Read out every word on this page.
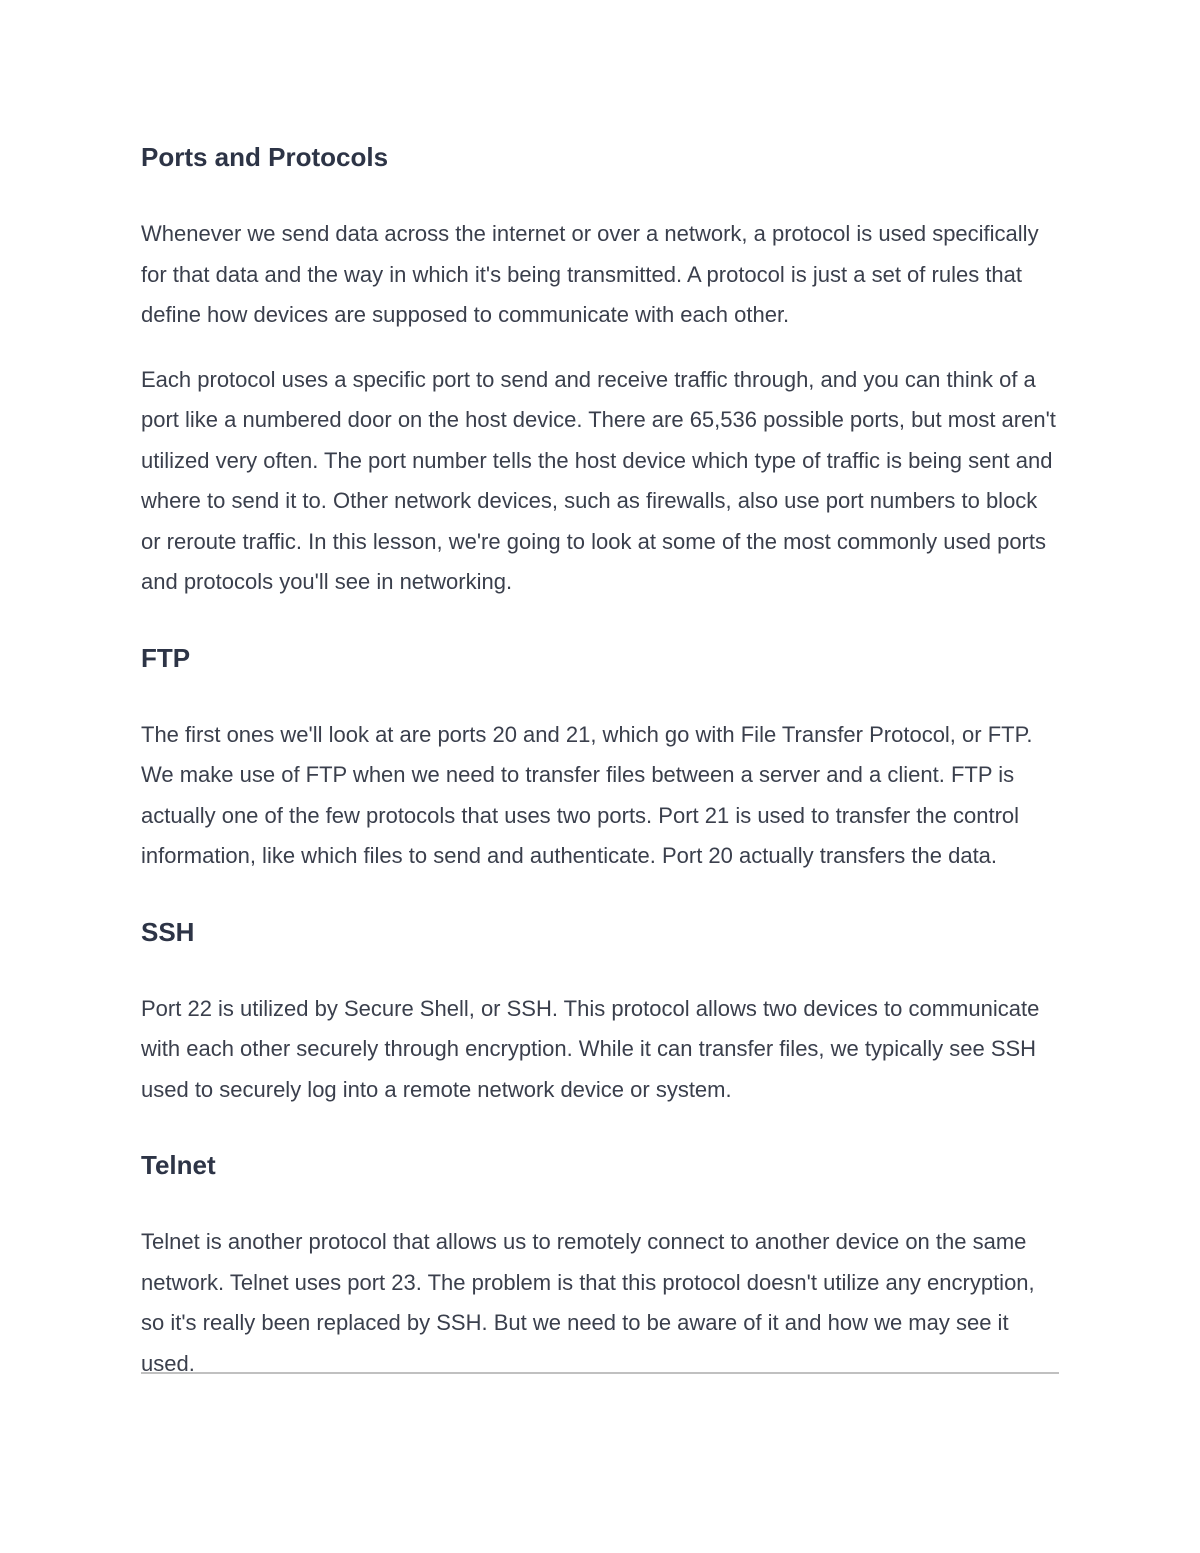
Ports and Protocols

Whenever we send data across the internet or over a network, a protocol is used specifically for that data and the way in which it's being transmitted. A protocol is just a set of rules that define how devices are supposed to communicate with each other.

Each protocol uses a specific port to send and receive traffic through, and you can think of a port like a numbered door on the host device. There are 65,536 possible ports, but most aren't utilized very often. The port number tells the host device which type of traffic is being sent and where to send it to. Other network devices, such as firewalls, also use port numbers to block or reroute traffic. In this lesson, we're going to look at some of the most commonly used ports and protocols you'll see in networking.

FTP

The first ones we'll look at are ports 20 and 21, which go with File Transfer Protocol, or FTP. We make use of FTP when we need to transfer files between a server and a client. FTP is actually one of the few protocols that uses two ports. Port 21 is used to transfer the control information, like which files to send and authenticate. Port 20 actually transfers the data.

SSH

Port 22 is utilized by Secure Shell, or SSH. This protocol allows two devices to communicate with each other securely through encryption. While it can transfer files, we typically see SSH used to securely log into a remote network device or system.

Telnet

Telnet is another protocol that allows us to remotely connect to another device on the same network. Telnet uses port 23. The problem is that this protocol doesn't utilize any encryption, so it's really been replaced by SSH. But we need to be aware of it and how we may see it used.
